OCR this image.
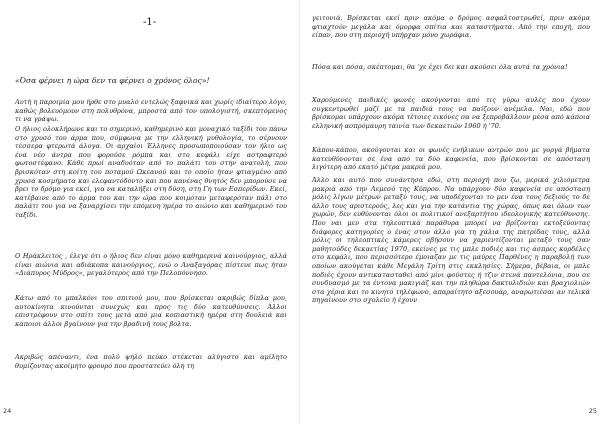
-1-
«Όσα φέρνει η ώρα δεν τα φέρνει ο χρόνος όλος»!

Αυτή η παροιμία μου ήρθε στο μυαλό εντελώς ξαφνικά και χωρίς ιδιαίτερο λόγο, καθώς βολευόμουν στη πολυθρόνα, μπροστά από τον υπολογιστή, σκεπτόμενος τι να γράψω.

Ο ήλιος ολοκλήρωνε και το σημερινό, καθημερινό και μοναχικό ταξίδι του πάνω στο χρυσό του άρμα που, σύμφωνα με την ελληνική μυθολογία, το σέρνουν τέσσερα φτερωτά άλογα. Οι αρχαίοι Έλληνες προσωποποιούσαν τον ήλιο ως ένα νέο άντρα που φορούσε ρόμπα και στο κεφάλι είχε αστραφτερό φωτοστέφανο. Κάθε πρωί αναδυόταν από το παλάτι του στην ανατολή, που βρισκόταν στη κοίτη του ποταμού Ωκεανού και το οποίο ήταν φτιαγμένο από χρυσά κοσμήματα και ελεφαντόδοντο και που κανένας θνητός δεν μπορούσε να βρει το δρόμο για εκεί, για να καταλήξει στη δύση, στη Γη των Εσπερίδων. Εκεί, κατέβαινε από το άρμα του και την ώρα που κοιμόταν μεταφερόταν πάλι στο παλάτι του για να ξαναρχίσει την επόμενη ημέρα το αιώνιο και καθημερινό του ταξίδι.

Ο Ηράκλειτος , έλεγε ότι ο ήλιος δεν είναι μόνο καθημερινά καινούργιος, αλλά είναι αιώνια και αδιάκοπα καινούργιος, ενώ ο Αναξαγόρας πίστευε πως ήταν «Διάπυρος Μύδρος», μεγαλύτερος από την Πελοπόννησο.

Κάτω από το μπαλκόνι του σπιτιού μου, που βρίσκεται ακριβώς δίπλα μου, αυτοκίνητα κινούνται συνεχώς και προς τις δύο κατευθύνσεις. Άλλοι επιστρέφουν στο σπίτι τους μετά από μια κοπιαστική ημέρα στη δουλειά και κάποιοι άλλοι βγαίνουν για την βραδινή τους βόλτα.

Ακριβώς απέναντι, ένα πολύ ψηλό πεύκο στέκεται αλύγιστο και αμίλητο θυμίζοντας ακοίμητο φρουρό που προστατεύει όλη τη

24

γειτονιά. Βρίσκεται εκεί πριν ακόμα ο δρόμος ασφαλτοστρωθεί, πριν ακόμα φτιαχτούν μεγάλα και όμορφα σπίτια και καταστήματα. Από την εποχή, που είπαν, που στη περιοχή υπήρχαν μόνο χωράφια.

Πόσα και πόσα, σκέπτομαι, θα 'χε έχει δει και ακούσει όλα αυτά τα χρόνια!

Χαρούμενες παιδικές φωνές ακούγονται από τις γύρω αυλές που έχουν συγκεντρωθεί μαζί με τα παιδιά τους να παίζουν ανέμελα. Ναι, εδώ που βρίσκομαι υπάρχουν ακόμα τέτοιες εικόνες σα να ξεπροβάλλουν μέσα από κάποια ελληνική ασπρόμαυρη ταινία των δεκαετιών 1960 ή '70.

Κάπου-κάπου, ακούγονται και οι φωνές ενήλικων αντρών που με γοργά βήματα κατευθύνονται σε ένα από τα δύο καφενεία, που βρίσκονται σε απόσταση λιγότερη από εκατό μέτρα μακριά μου.

Άλλο και αυτό που συνάντησα εδώ, στη περιοχή που ζω, μερικά χιλιόμετρα μακριά από την Λεμεσό της Κύπρου. Να υπάρχουν δύο καφενεία σε απόσταση μόλις λίγων μέτρων μεταξύ τους, να υποδέχονται το μεν ένα τους δεξιούς το δε άλλο τους αριστερούς, λες και για την κατάντια της χώρας, όπως και όλων των χωρών, δεν ευθύνονται όλοι οι πολιτικοί ανεξαρτήτου ιδεολογικής κατεύθυνσης. Που ναι μεν στα τηλεοπτικά παράθυρα μπορεί να βρίζονται εκτοξεύοντας διάφορες κατηγορίες ο ένας στον άλλο για τη χάλια της πατρίδας τους, αλλά μόλις οι τηλεοπτικές κάμερες σβήσουν να χαριεντίζονται μεταξύ τους σαν μαθητούδες δεκαετίας 1970, εκείνες με τις μπλε ποδιές και τις άσπρες κορδέλες στο κεφάλι, που περισσότερο έμοιαζαν με τις μαύρες Παρθένες η παραβολή των οποίων ακούγεται κάθε Μεγάλη Τρίτη στις εκκλησίες. Σήμερα, βέβαια, οι μπλε ποδιές έχουν αντικατασταθεί από μίνι φούστες ή τζιν στενά παντελόνια, που σε συνδυασμό με τα έντονα μακιγιάζ και την πληθώρα δακτυλιδιών και βραχιολιών στα χέρια και το κινητό τηλέφωνο, απαραίτητο αξεσουάρ, αναρωτιέσαι αν τελικά πηγαίνουν στο σχολείο ή έχουν

25
